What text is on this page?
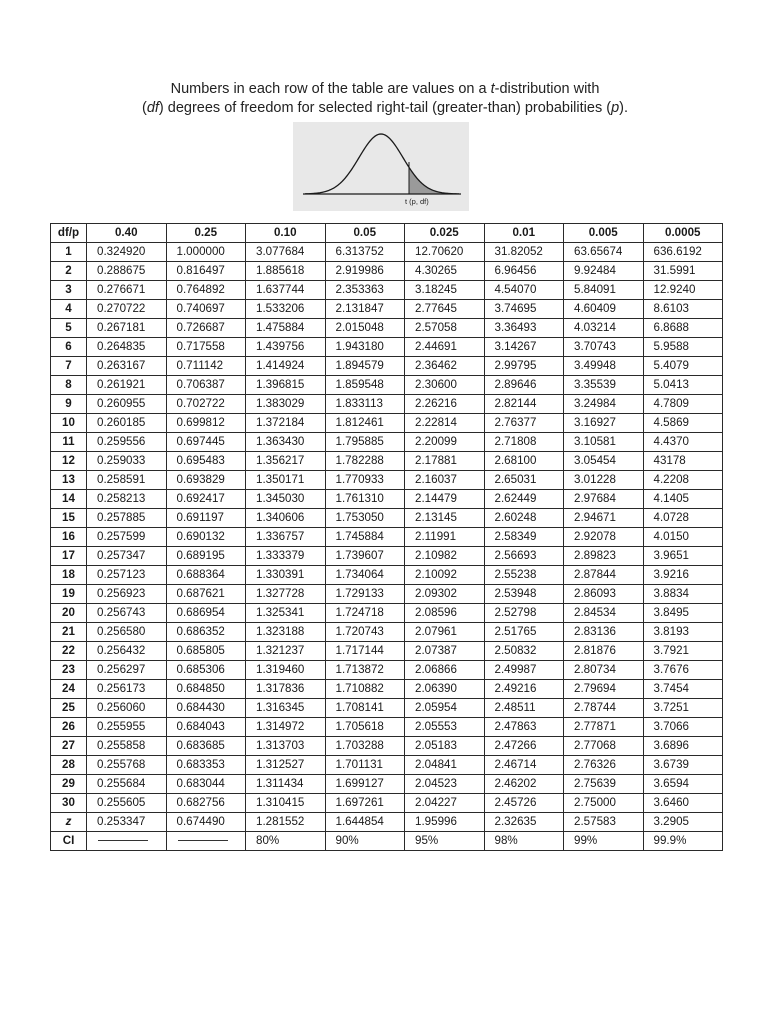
Numbers in each row of the table are values on a t-distribution with
(df) degrees of freedom for selected right-tail (greater-than) probabilities (p).
t (p, df)
df/p	0.40	0.25	0.10	0.05	0.025	0.01	0.005	0.0005
1	0.324920	1.000000	3.077684	6.313752	12.70620	31.82052	63.65674	636.6192
2	0.288675	0.816497	1.885618	2.919986	4.30265	6.96456	9.92484	31.5991
3	0.276671	0.764892	1.637744	2.353363	3.18245	4.54070	5.84091	12.9240
4	0.270722	0.740697	1.533206	2.131847	2.77645	3.74695	4.60409	8.6103
5	0.267181	0.726687	1.475884	2.015048	2.57058	3.36493	4.03214	6.8688
6	0.264835	0.717558	1.439756	1.943180	2.44691	3.14267	3.70743	5.9588
7	0.263167	0.711142	1.414924	1.894579	2.36462	2.99795	3.49948	5.4079
8	0.261921	0.706387	1.396815	1.859548	2.30600	2.89646	3.35539	5.0413
9	0.260955	0.702722	1.383029	1.833113	2.26216	2.82144	3.24984	4.7809
10	0.260185	0.699812	1.372184	1.812461	2.22814	2.76377	3.16927	4.5869
11	0.259556	0.697445	1.363430	1.795885	2.20099	2.71808	3.10581	4.4370
12	0.259033	0.695483	1.356217	1.782288	2.17881	2.68100	3.05454	43178
13	0.258591	0.693829	1.350171	1.770933	2.16037	2.65031	3.01228	4.2208
14	0.258213	0.692417	1.345030	1.761310	2.14479	2.62449	2.97684	4.1405
15	0.257885	0.691197	1.340606	1.753050	2.13145	2.60248	2.94671	4.0728
16	0.257599	0.690132	1.336757	1.745884	2.11991	2.58349	2.92078	4.0150
17	0.257347	0.689195	1.333379	1.739607	2.10982	2.56693	2.89823	3.9651
18	0.257123	0.688364	1.330391	1.734064	2.10092	2.55238	2.87844	3.9216
19	0.256923	0.687621	1.327728	1.729133	2.09302	2.53948	2.86093	3.8834
20	0.256743	0.686954	1.325341	1.724718	2.08596	2.52798	2.84534	3.8495
21	0.256580	0.686352	1.323188	1.720743	2.07961	2.51765	2.83136	3.8193
22	0.256432	0.685805	1.321237	1.717144	2.07387	2.50832	2.81876	3.7921
23	0.256297	0.685306	1.319460	1.713872	2.06866	2.49987	2.80734	3.7676
24	0.256173	0.684850	1.317836	1.710882	2.06390	2.49216	2.79694	3.7454
25	0.256060	0.684430	1.316345	1.708141	2.05954	2.48511	2.78744	3.7251
26	0.255955	0.684043	1.314972	1.705618	2.05553	2.47863	2.77871	3.7066
27	0.255858	0.683685	1.313703	1.703288	2.05183	2.47266	2.77068	3.6896
28	0.255768	0.683353	1.312527	1.701131	2.04841	2.46714	2.76326	3.6739
29	0.255684	0.683044	1.311434	1.699127	2.04523	2.46202	2.75639	3.6594
30	0.255605	0.682756	1.310415	1.697261	2.04227	2.45726	2.75000	3.6460
z	0.253347	0.674490	1.281552	1.644854	1.95996	2.32635	2.57583	3.2905
CI			80%	90%	95%	98%	99%	99.9%
